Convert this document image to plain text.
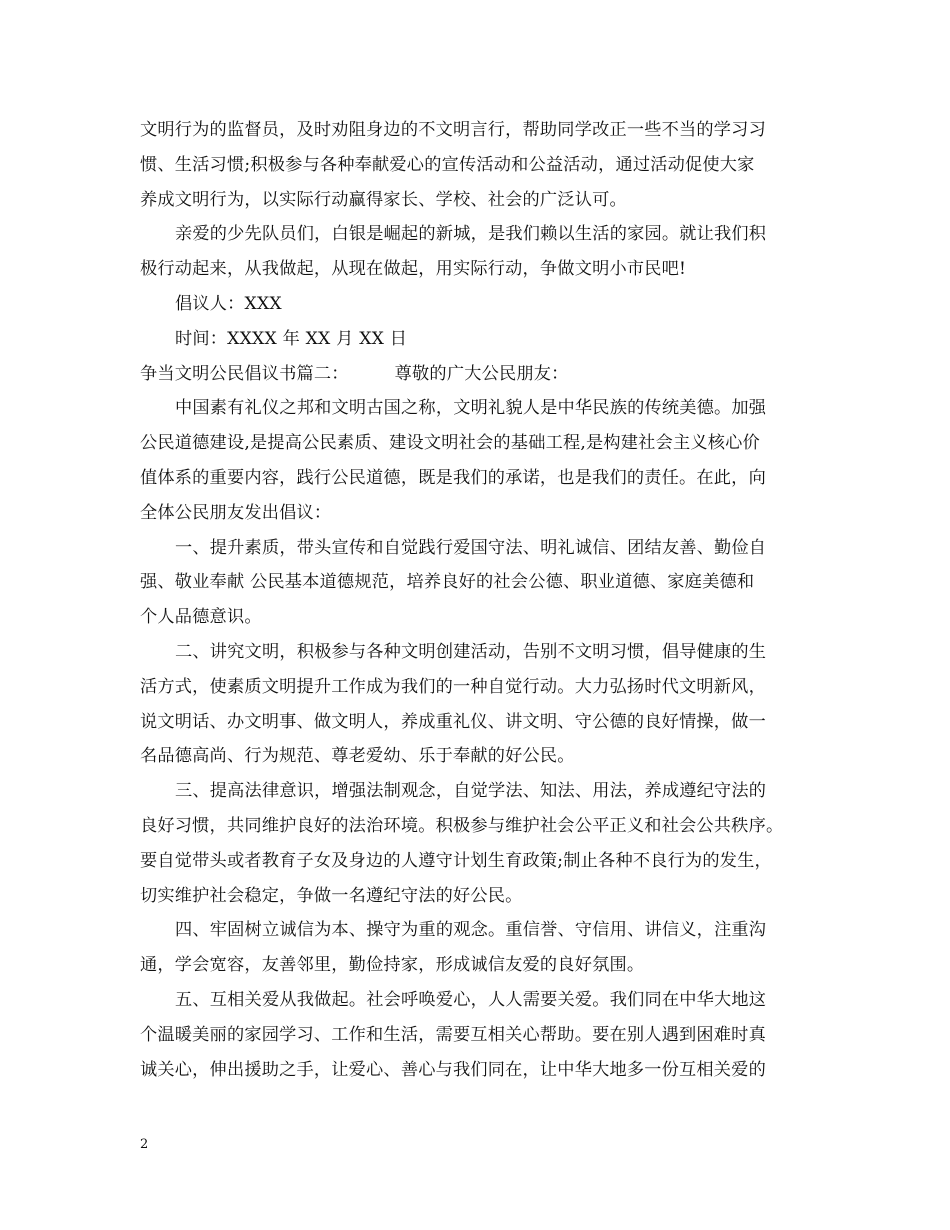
文明行为的监督员，及时劝阻身边的不文明言行，帮助同学改正一些不当的学习习
惯、生活习惯;积极参与各种奉献爱心的宣传活动和公益活动，通过活动促使大家
养成文明行为，以实际行动赢得家长、学校、社会的广泛认可。
亲爱的少先队员们，白银是崛起的新城，是我们赖以生活的家园。就让我们积
极行动起来，从我做起，从现在做起，用实际行动，争做文明小市民吧!
倡议人：XXX
时间：XXXX 年 XX 月 XX 日
争当文明公民倡议书篇二：	尊敬的广大公民朋友：
中国素有礼仪之邦和文明古国之称，文明礼貌人是中华民族的传统美德。加强
公民道德建设,是提高公民素质、建设文明社会的基础工程,是构建社会主义核心价
值体系的重要内容，践行公民道德，既是我们的承诺，也是我们的责任。在此，向
全体公民朋友发出倡议：
一、提升素质，带头宣传和自觉践行爱国守法、明礼诚信、团结友善、勤俭自
强、敬业奉献 公民基本道德规范，培养良好的社会公德、职业道德、家庭美德和
个人品德意识。
二、讲究文明，积极参与各种文明创建活动，告别不文明习惯，倡导健康的生
活方式，使素质文明提升工作成为我们的一种自觉行动。大力弘扬时代文明新风，
说文明话、办文明事、做文明人，养成重礼仪、讲文明、守公德的良好情操，做一
名品德高尚、行为规范、尊老爱幼、乐于奉献的好公民。
三、提高法律意识，增强法制观念，自觉学法、知法、用法，养成遵纪守法的
良好习惯，共同维护良好的法治环境。积极参与维护社会公平正义和社会公共秩序。
要自觉带头或者教育子女及身边的人遵守计划生育政策;制止各种不良行为的发生，
切实维护社会稳定，争做一名遵纪守法的好公民。
四、牢固树立诚信为本、操守为重的观念。重信誉、守信用、讲信义，注重沟
通，学会宽容，友善邻里，勤俭持家，形成诚信友爱的良好氛围。
五、互相关爱从我做起。社会呼唤爱心，人人需要关爱。我们同在中华大地这
个温暖美丽的家园学习、工作和生活，需要互相关心帮助。要在别人遇到困难时真
诚关心，伸出援助之手，让爱心、善心与我们同在，让中华大地多一份互相关爱的
2
